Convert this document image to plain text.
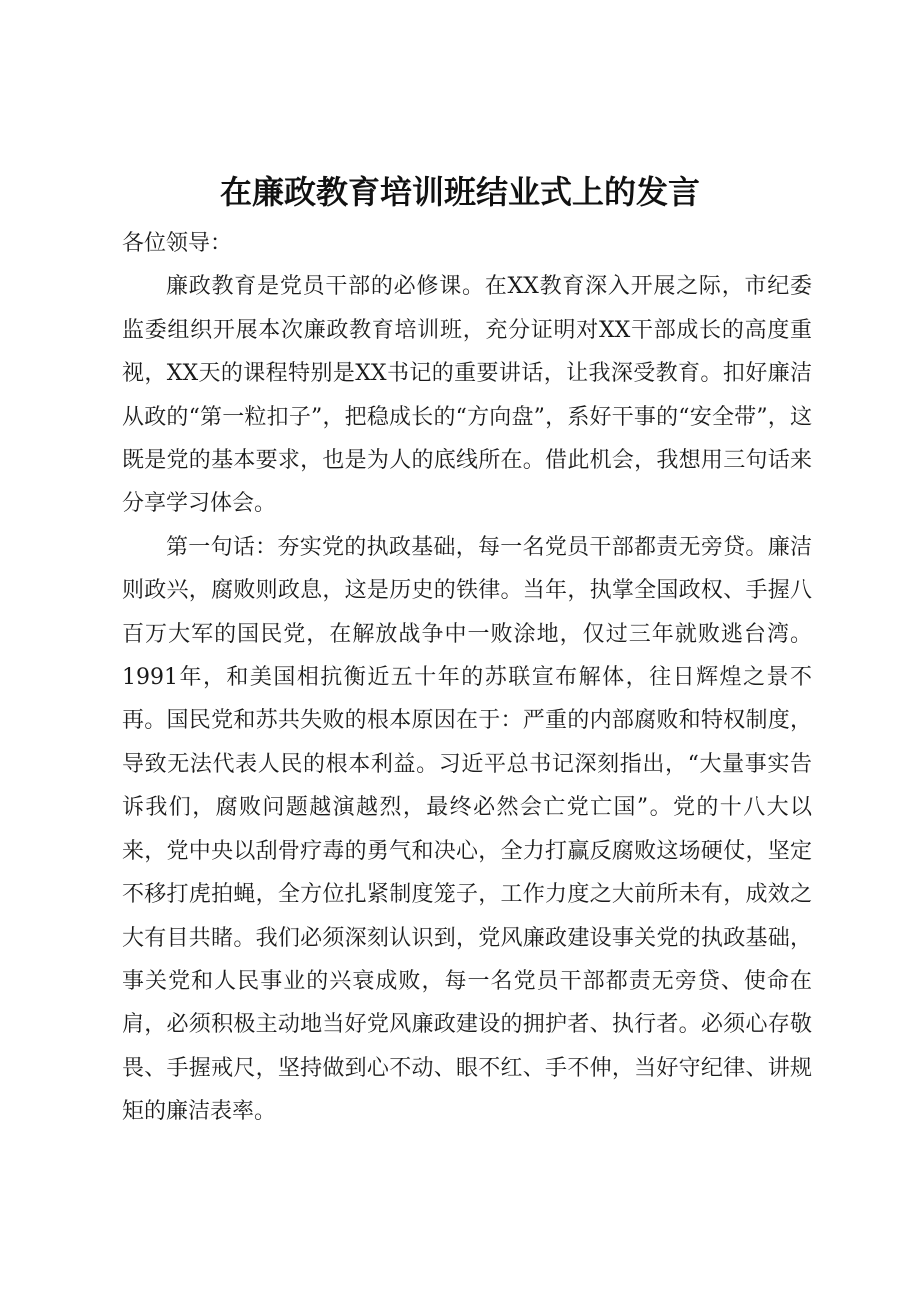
在廉政教育培训班结业式上的发言

各位领导：

廉政教育是党员干部的必修课。在XX教育深入开展之际，市纪委监委组织开展本次廉政教育培训班，充分证明对XX干部成长的高度重视，XX天的课程特别是XX书记的重要讲话，让我深受教育。扣好廉洁从政的“第一粒扣子”，把稳成长的“方向盘”，系好干事的“安全带”，这既是党的基本要求，也是为人的底线所在。借此机会，我想用三句话来分享学习体会。

第一句话：夯实党的执政基础，每一名党员干部都责无旁贷。廉洁则政兴，腐败则政息，这是历史的铁律。当年，执掌全国政权、手握八百万大军的国民党，在解放战争中一败涂地，仅过三年就败逃台湾。1991年，和美国相抗衡近五十年的苏联宣布解体，往日辉煌之景不再。国民党和苏共失败的根本原因在于：严重的内部腐败和特权制度，导致无法代表人民的根本利益。习近平总书记深刻指出，“大量事实告诉我们，腐败问题越演越烈，最终必然会亡党亡国”。党的十八大以来，党中央以刮骨疗毒的勇气和决心，全力打赢反腐败这场硬仗，坚定不移打虎拍蝇，全方位扎紧制度笼子，工作力度之大前所未有，成效之大有目共睹。我们必须深刻认识到，党风廉政建设事关党的执政基础，事关党和人民事业的兴衰成败，每一名党员干部都责无旁贷、使命在肩，必须积极主动地当好党风廉政建设的拥护者、执行者。必须心存敬畏、手握戒尺，坚持做到心不动、眼不红、手不伸，当好守纪律、讲规矩的廉洁表率。
